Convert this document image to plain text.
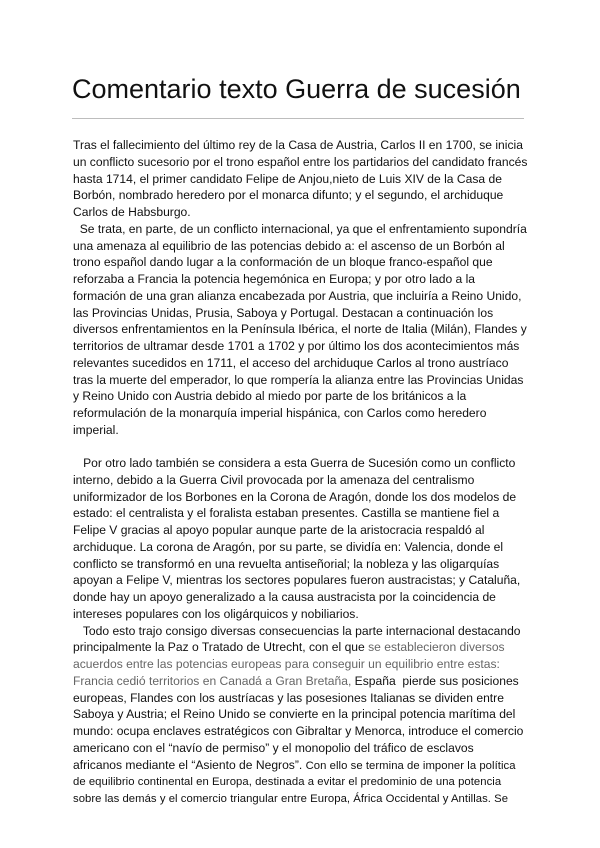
Comentario texto Guerra de sucesión
Tras el fallecimiento del último rey de la Casa de Austria, Carlos II en 1700, se inicia
un conflicto sucesorio por el trono español entre los partidarios del candidato francés
hasta 1714, el primer candidato Felipe de Anjou,nieto de Luis XIV de la Casa de
Borbón, nombrado heredero por el monarca difunto; y el segundo, el archiduque
Carlos de Habsburgo.
Se trata, en parte, de un conflicto internacional, ya que el enfrentamiento supondría
una amenaza al equilibrio de las potencias debido a: el ascenso de un Borbón al
trono español dando lugar a la conformación de un bloque franco-español que
reforzaba a Francia la potencia hegemónica en Europa; y por otro lado a la
formación de una gran alianza encabezada por Austria, que incluiría a Reino Unido,
las Provincias Unidas, Prusia, Saboya y Portugal. Destacan a continuación los
diversos enfrentamientos en la Península Ibérica, el norte de Italia (Milán), Flandes y
territorios de ultramar desde 1701 a 1702 y por último los dos acontecimientos más
relevantes sucedidos en 1711, el acceso del archiduque Carlos al trono austríaco
tras la muerte del emperador, lo que rompería la alianza entre las Provincias Unidas
y Reino Unido con Austria debido al miedo por parte de los británicos a la
reformulación de la monarquía imperial hispánica, con Carlos como heredero
imperial.
Por otro lado también se considera a esta Guerra de Sucesión como un conflicto
interno, debido a la Guerra Civil provocada por la amenaza del centralismo
uniformizador de los Borbones en la Corona de Aragón, donde los dos modelos de
estado: el centralista y el foralista estaban presentes. Castilla se mantiene fiel a
Felipe V gracias al apoyo popular aunque parte de la aristocracia respaldó al
archiduque. La corona de Aragón, por su parte, se dividía en: Valencia, donde el
conflicto se transformó en una revuelta antiseñorial; la nobleza y las oligarquías
apoyan a Felipe V, mientras los sectores populares fueron austracistas; y Cataluña,
donde hay un apoyo generalizado a la causa austracista por la coincidencia de
intereses populares con los oligárquicos y nobiliarios.
Todo esto trajo consigo diversas consecuencias la parte internacional destacando
principalmente la Paz o Tratado de Utrecht, con el que se establecieron diversos
acuerdos entre las potencias europeas para conseguir un equilibrio entre estas:
Francia cedió territorios en Canadá a Gran Bretaña, España  pierde sus posiciones
europeas, Flandes con los austríacas y las posesiones Italianas se dividen entre
Saboya y Austria; el Reino Unido se convierte en la principal potencia marítima del
mundo: ocupa enclaves estratégicos con Gibraltar y Menorca, introduce el comercio
americano con el “navío de permiso” y el monopolio del tráfico de esclavos
africanos mediante el “Asiento de Negros”. Con ello se termina de imponer la política
de equilibrio continental en Europa, destinada a evitar el predominio de una potencia
sobre las demás y el comercio triangular entre Europa, África Occidental y Antillas. Se
